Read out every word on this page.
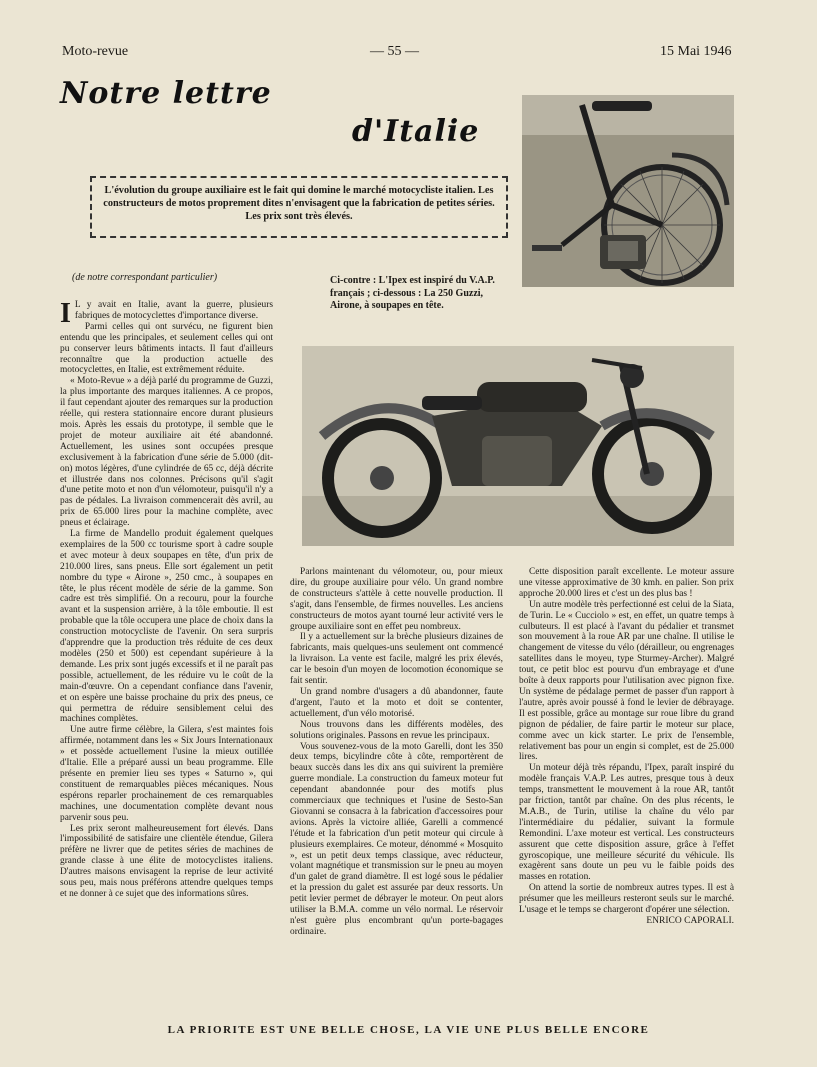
Moto-revue	— 55 —	15 Mai 1946
Notre lettre
d'Italie
L'évolution du groupe auxiliaire est le fait qui domine le marché motocycliste italien. Les constructeurs de motos proprement dites n'envisagent que la fabrication de petites séries. Les prix sont très élevés.
(de notre correspondant particulier)	Ci-contre : L'Ipex est inspiré du V.A.P. français ; ci-dessous : La 250 Guzzi, Airone, à soupapes en tête.

I L y avait en Italie, avant la guerre, plusieurs fabriques de motocyclettes d'importance diverse.

Parmi celles qui ont survécu, ne figurent bien entendu que les principales, et seulement celles qui ont pu conserver leurs bâtiments intacts. Il faut d'ailleurs reconnaître que la production actuelle des motocyclettes, en Italie, est extrêmement réduite.

« Moto-Revue » a déjà parlé du programme de Guzzi, la plus importante des marques italiennes. A ce propos, il faut cependant ajouter des remarques sur la production réelle, qui restera stationnaire encore durant plusieurs mois. Après les essais du prototype, il semble que le projet de moteur auxiliaire ait été abandonné. Actuellement, les usines sont occupées presque exclusivement à la fabrication d'une série de 5.000 (dit-on) motos légères, d'une cylindrée de 65 cc, déjà décrite et illustrée dans nos colonnes. Précisons qu'il s'agit d'une petite moto et non d'un vélomoteur, puisqu'il n'y a pas de pédales. La livraison commencerait dès avril, au prix de 65.000 lires pour la machine complète, avec pneus et éclairage.

La firme de Mandello produit également quelques exemplaires de la 500 cc tourisme sport à cadre souple et avec moteur à deux soupapes en tête, d'un prix de 210.000 lires, sans pneus. Elle sort également un petit nombre du type « Airone », 250 cmc., à soupapes en tête, le plus récent modèle de série de la gamme. Son cadre est très simplifié. On a recouru, pour la fourche avant et la suspension arrière, à la tôle emboutie. Il est probable que la tôle occupera une place de choix dans la construction motocycliste de l'avenir. On sera surpris d'apprendre que la production très réduite de ces deux modèles (250 et 500) est cependant supérieure à la demande. Les prix sont jugés excessifs et il ne paraît pas possible, actuellement, de les réduire vu le coût de la main-d'œuvre. On a cependant confiance dans l'avenir, et on espère une baisse prochaine du prix des pneus, ce qui permettra de réduire sensiblement celui des machines complètes.

Une autre firme célèbre, la Gilera, s'est maintes fois affirmée, notamment dans les « Six Jours Internationaux » et possède actuellement l'usine la mieux outillée d'Italie. Elle a préparé aussi un beau programme. Elle présente en premier lieu ses types « Saturno », qui constituent de remarquables pièces mécaniques. Nous espérons reparler prochainement de ces remarquables machines, une documentation complète devant nous parvenir sous peu.

Les prix seront malheureusement fort élevés. Dans l'impossibilité de satisfaire une clientèle étendue, Gilera préfère ne livrer que de petites séries de machines de grande classe à une élite de motocyclistes italiens. D'autres maisons envisagent la reprise de leur activité sous peu, mais nous préférons attendre quelques temps et ne donner à ce sujet que des informations sûres.

Parlons maintenant du vélomoteur, ou, pour mieux dire, du groupe auxiliaire pour vélo. Un grand nombre de constructeurs s'attèle à cette nouvelle production. Il s'agit, dans l'ensemble, de firmes nouvelles. Les anciens constructeurs de motos ayant tourné leur activité vers le groupe auxiliaire sont en effet peu nombreux.

Il y a actuellement sur la brèche plusieurs dizaines de fabricants, mais quelques-uns seulement ont commencé la livraison. La vente est facile, malgré les prix élevés, car le besoin d'un moyen de locomotion économique se fait sentir.

Un grand nombre d'usagers a dû abandonner, faute d'argent, l'auto et la moto et doit se contenter, actuellement, d'un vélo motorisé.

Nous trouvons dans les différents modèles, des solutions originales. Passons en revue les principaux.

Vous souvenez-vous de la moto Garelli, dont les 350 deux temps, bicylindre côte à côte, remportèrent de beaux succès dans les dix ans qui suivirent la première guerre mondiale. La construction du fameux moteur fut cependant abandonnée pour des motifs plus commerciaux que techniques et l'usine de Sesto-San Giovanni se consacra à la fabrication d'accessoires pour avions. Après la victoire alliée, Garelli a commencé l'étude et la fabrication d'un petit moteur qui circule à plusieurs exemplaires. Ce moteur, dénommé « Mosquito », est un petit deux temps classique, avec réducteur, volant magnétique et transmission sur le pneu au moyen d'un galet de grand diamètre. Il est logé sous le pédalier et la pression du galet est assurée par deux ressorts. Un petit levier permet de débrayer le moteur. On peut alors utiliser la B.M.A. comme un vélo normal. Le réservoir n'est guère plus encombrant qu'un porte-bagages ordinaire.

Cette disposition paraît excellente. Le moteur assure une vitesse approximative de 30 kmh. en palier. Son prix approche 20.000 lires et c'est un des plus bas !

Un autre modèle très perfectionné est celui de la Siata, de Turin. Le « Cucciolo » est, en effet, un quatre temps à culbuteurs. Il est placé à l'avant du pédalier et transmet son mouvement à la roue AR par une chaîne. Il utilise le changement de vitesse du vélo (dérailleur, ou engrenages satellites dans le moyeu, type Sturmey-Archer). Malgré tout, ce petit bloc est pourvu d'un embrayage et d'une boîte à deux rapports pour l'utilisation avec pignon fixe. Un système de pédalage permet de passer d'un rapport à l'autre, après avoir poussé à fond le levier de débrayage. Il est possible, grâce au montage sur roue libre du grand pignon de pédalier, de faire partir le moteur sur place, comme avec un kick starter. Le prix de l'ensemble, relativement bas pour un engin si complet, est de 25.000 lires.

Un moteur déjà très répandu, l'Ipex, paraît inspiré du modèle français V.A.P. Les autres, presque tous à deux temps, transmettent le mouvement à la roue AR, tantôt par friction, tantôt par chaîne. On des plus récents, le M.A.B., de Turin, utilise la chaîne du vélo par l'intermédiaire du pédalier, suivant la formule Remondini. L'axe moteur est vertical. Les constructeurs assurent que cette disposition assure, grâce à l'effet gyroscopique, une meilleure sécurité du véhicule. Ils exagèrent sans doute un peu vu le faible poids des masses en rotation.

On attend la sortie de nombreux autres types. Il est à présumer que les meilleurs resteront seuls sur le marché. L'usage et le temps se chargeront d'opérer une sélection.

ENRICO CAPORALI.
LA PRIORITE EST UNE BELLE CHOSE, LA VIE UNE PLUS BELLE ENCORE
